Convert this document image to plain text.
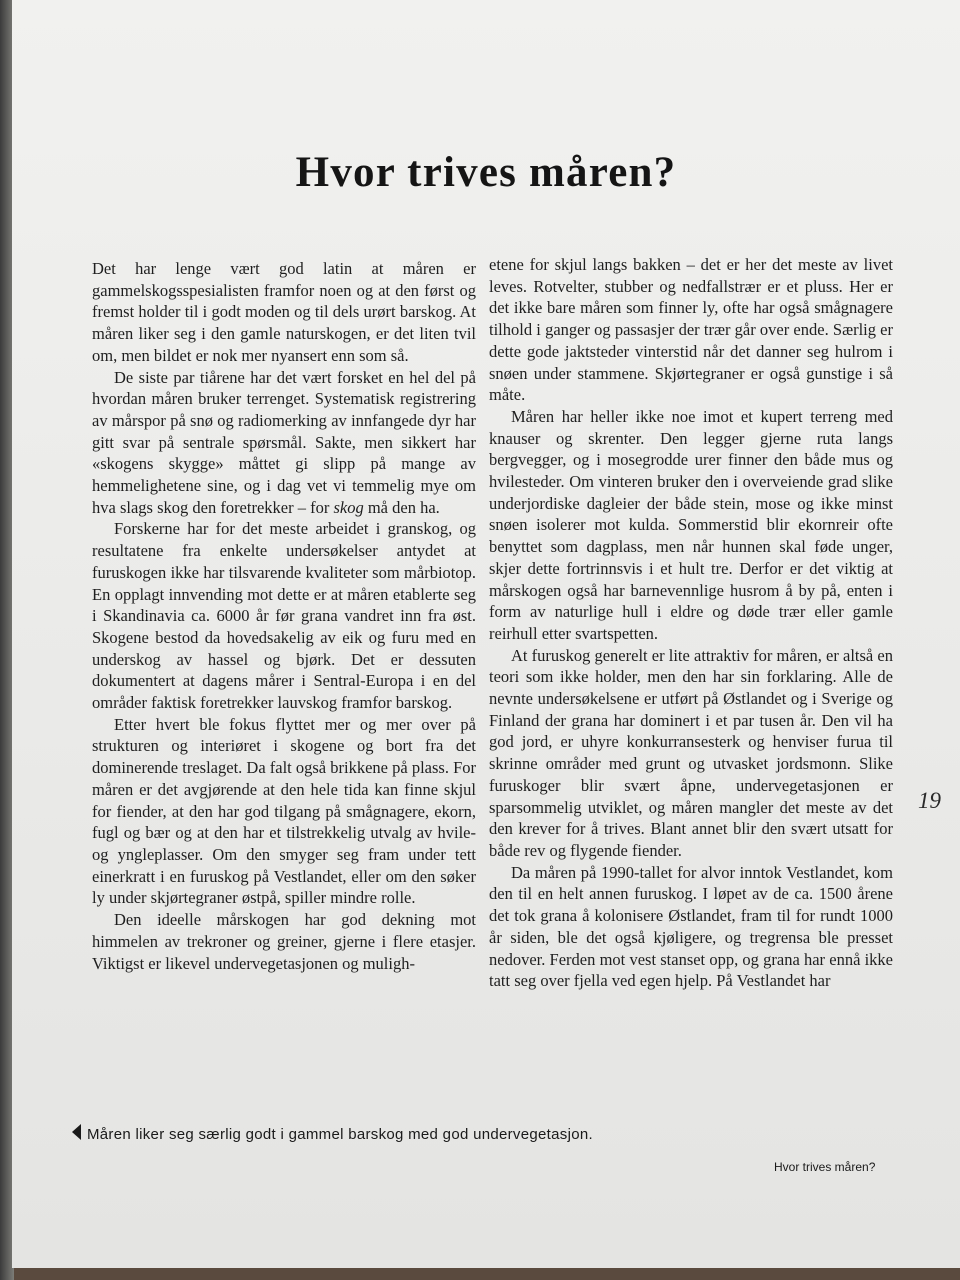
Hvor trives måren?

Det har lenge vært god latin at måren er gammelskogsspesialisten framfor noen og at den først og fremst holder til i godt moden og til dels urørt barskog. At måren liker seg i den gamle naturskogen, er det liten tvil om, men bildet er nok mer nyansert enn som så.

De siste par tiårene har det vært forsket en hel del på hvordan måren bruker terrenget. Systematisk registrering av mårspor på snø og radiomerking av innfangede dyr har gitt svar på sentrale spørsmål. Sakte, men sikkert har «skogens skygge» måttet gi slipp på mange av hemmelighetene sine, og i dag vet vi temmelig mye om hva slags skog den foretrekker – for skog må den ha.

Forskerne har for det meste arbeidet i granskog, og resultatene fra enkelte undersøkelser antydet at furuskogen ikke har tilsvarende kvaliteter som mårbiotop. En opplagt innvending mot dette er at måren etablerte seg i Skandinavia ca. 6000 år før grana vandret inn fra øst. Skogene bestod da hovedsakelig av eik og furu med en underskog av hassel og bjørk. Det er dessuten dokumentert at dagens mårer i Sentral-Europa i en del områder faktisk foretrekker lauvskog framfor barskog.

Etter hvert ble fokus flyttet mer og mer over på strukturen og interiøret i skogene og bort fra det dominerende treslaget. Da falt også brikkene på plass. For måren er det avgjørende at den hele tida kan finne skjul for fiender, at den har god tilgang på smågnagere, ekorn, fugl og bær og at den har et tilstrekkelig utvalg av hvile- og yngleplasser. Om den smyger seg fram under tett einerkratt i en furuskog på Vestlandet, eller om den søker ly under skjørtegraner østpå, spiller mindre rolle.

Den ideelle mårskogen har god dekning mot himmelen av trekroner og greiner, gjerne i flere etasjer. Viktigst er likevel undervegetasjonen og muligh-

etene for skjul langs bakken – det er her det meste av livet leves. Rotvelter, stubber og nedfallstrær er et pluss. Her er det ikke bare måren som finner ly, ofte har også smågnagere tilhold i ganger og passasjer der trær går over ende. Særlig er dette gode jaktsteder vinterstid når det danner seg hulrom i snøen under stammene. Skjørtegraner er også gunstige i så måte.

Måren har heller ikke noe imot et kupert terreng med knauser og skrenter. Den legger gjerne ruta langs bergvegger, og i mosegrodde urer finner den både mus og hvilesteder. Om vinteren bruker den i overveiende grad slike underjordiske dagleier der både stein, mose og ikke minst snøen isolerer mot kulda. Sommerstid blir ekornreir ofte benyttet som dagplass, men når hunnen skal føde unger, skjer dette fortrinnsvis i et hult tre. Derfor er det viktig at mårskogen også har barnevennlige husrom å by på, enten i form av naturlige hull i eldre og døde trær eller gamle reirhull etter svartspetten.

At furuskog generelt er lite attraktiv for måren, er altså en teori som ikke holder, men den har sin forklaring. Alle de nevnte undersøkelsene er utført på Østlandet og i Sverige og Finland der grana har dominert i et par tusen år. Den vil ha god jord, er uhyre konkurransesterk og henviser furua til skrinne områder med grunt og utvasket jordsmonn. Slike furuskoger blir svært åpne, undervegetasjonen er sparsommelig utviklet, og måren mangler det meste av det den krever for å trives. Blant annet blir den svært utsatt for både rev og flygende fiender.

Da måren på 1990-tallet for alvor inntok Vestlandet, kom den til en helt annen furuskog. I løpet av de ca. 1500 årene det tok grana å kolonisere Østlandet, fram til for rundt 1000 år siden, ble det også kjøligere, og tregrensa ble presset nedover. Ferden mot vest stanset opp, og grana har ennå ikke tatt seg over fjella ved egen hjelp. På Vestlandet har

19
Måren liker seg særlig godt i gammel barskog med god undervegetasjon.
Hvor trives måren?
